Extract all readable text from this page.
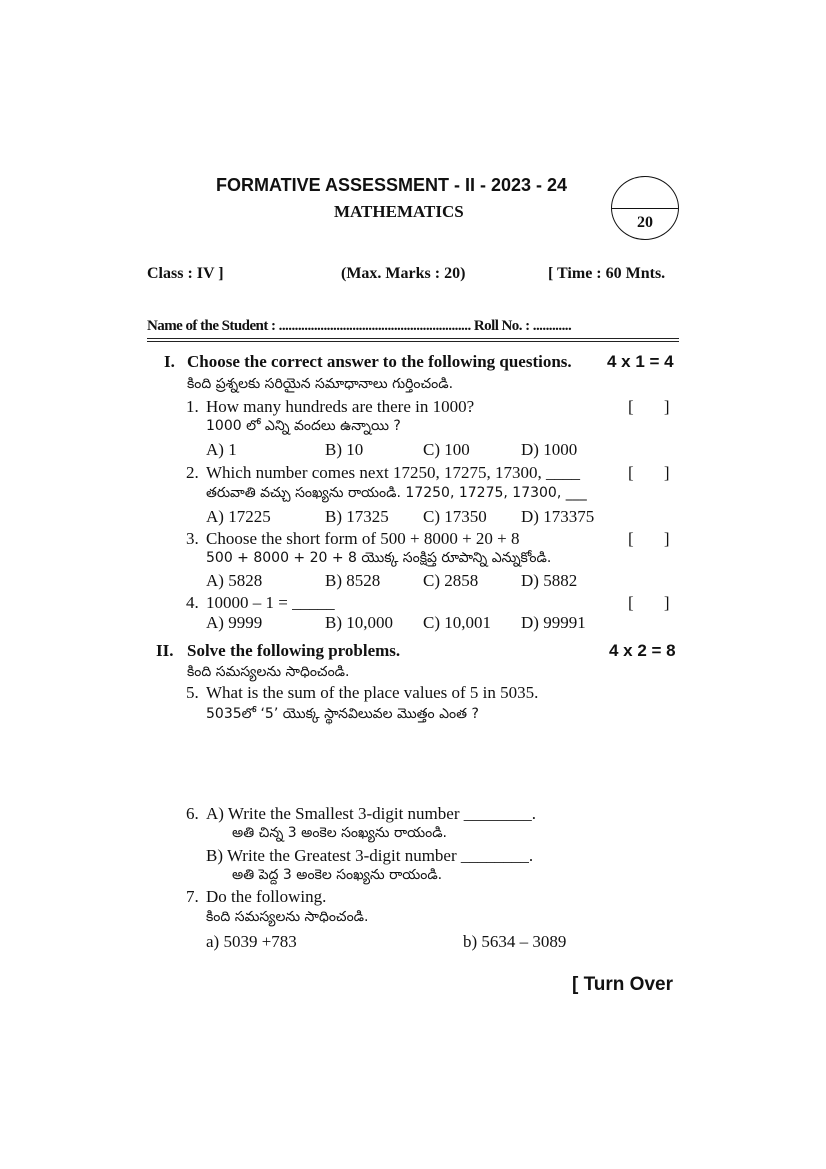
FORMATIVE ASSESSMENT - II - 2023 - 24
MATHEMATICS
20
Class : IV ]	(Max. Marks : 20)	[ Time : 60 Mnts.
Name of the Student : ............................................................ Roll No. : ............
I. Choose the correct answer to the following questions. 4 x 1 = 4
కింది ప్రశ్నలకు సరియైన సమాధానాలు గుర్తించండి.
1. How many hundreds are there in 1000?	[ ]
1000 లో ఎన్ని వందలు ఉన్నాయి ?
A) 1	B) 10	C) 100	D) 1000
2. Which number comes next 17250, 17275, 17300, ____	[ ]
తరువాతి వచ్చు సంఖ్యను రాయండి. 17250, 17275, 17300, ___
A) 17225	B) 17325 C) 17350 D) 173375
3. Choose the short form of 500 + 8000 + 20 + 8	[ ]
500 + 8000 + 20 + 8 యొక్క సంక్షిప్త రూపాన్ని ఎన్నుకోండి.
A) 5828	B) 8528	C) 2858	D) 5882
4. 10000 – 1 = _____	[ ]
A) 9999	B) 10,000 C) 10,001 D) 99991
II. Solve the following problems.	4 x 2 = 8
కింది సమస్యలను సాధించండి.
5. What is the sum of the place values of 5 in 5035.
5035లో ‘5’ యొక్క స్థానవిలువల మొత్తం ఎంత ?
6. A) Write the Smallest 3-digit number ________.
అతి చిన్న 3 అంకెల సంఖ్యను రాయండి.
B) Write the Greatest 3-digit number ________.
అతి పెద్ద 3 అంకెల సంఖ్యను రాయండి.
7. Do the following.
కింది సమస్యలను సాధించండి.
a) 5039 +783	b) 5634 – 3089
[ Turn Over
